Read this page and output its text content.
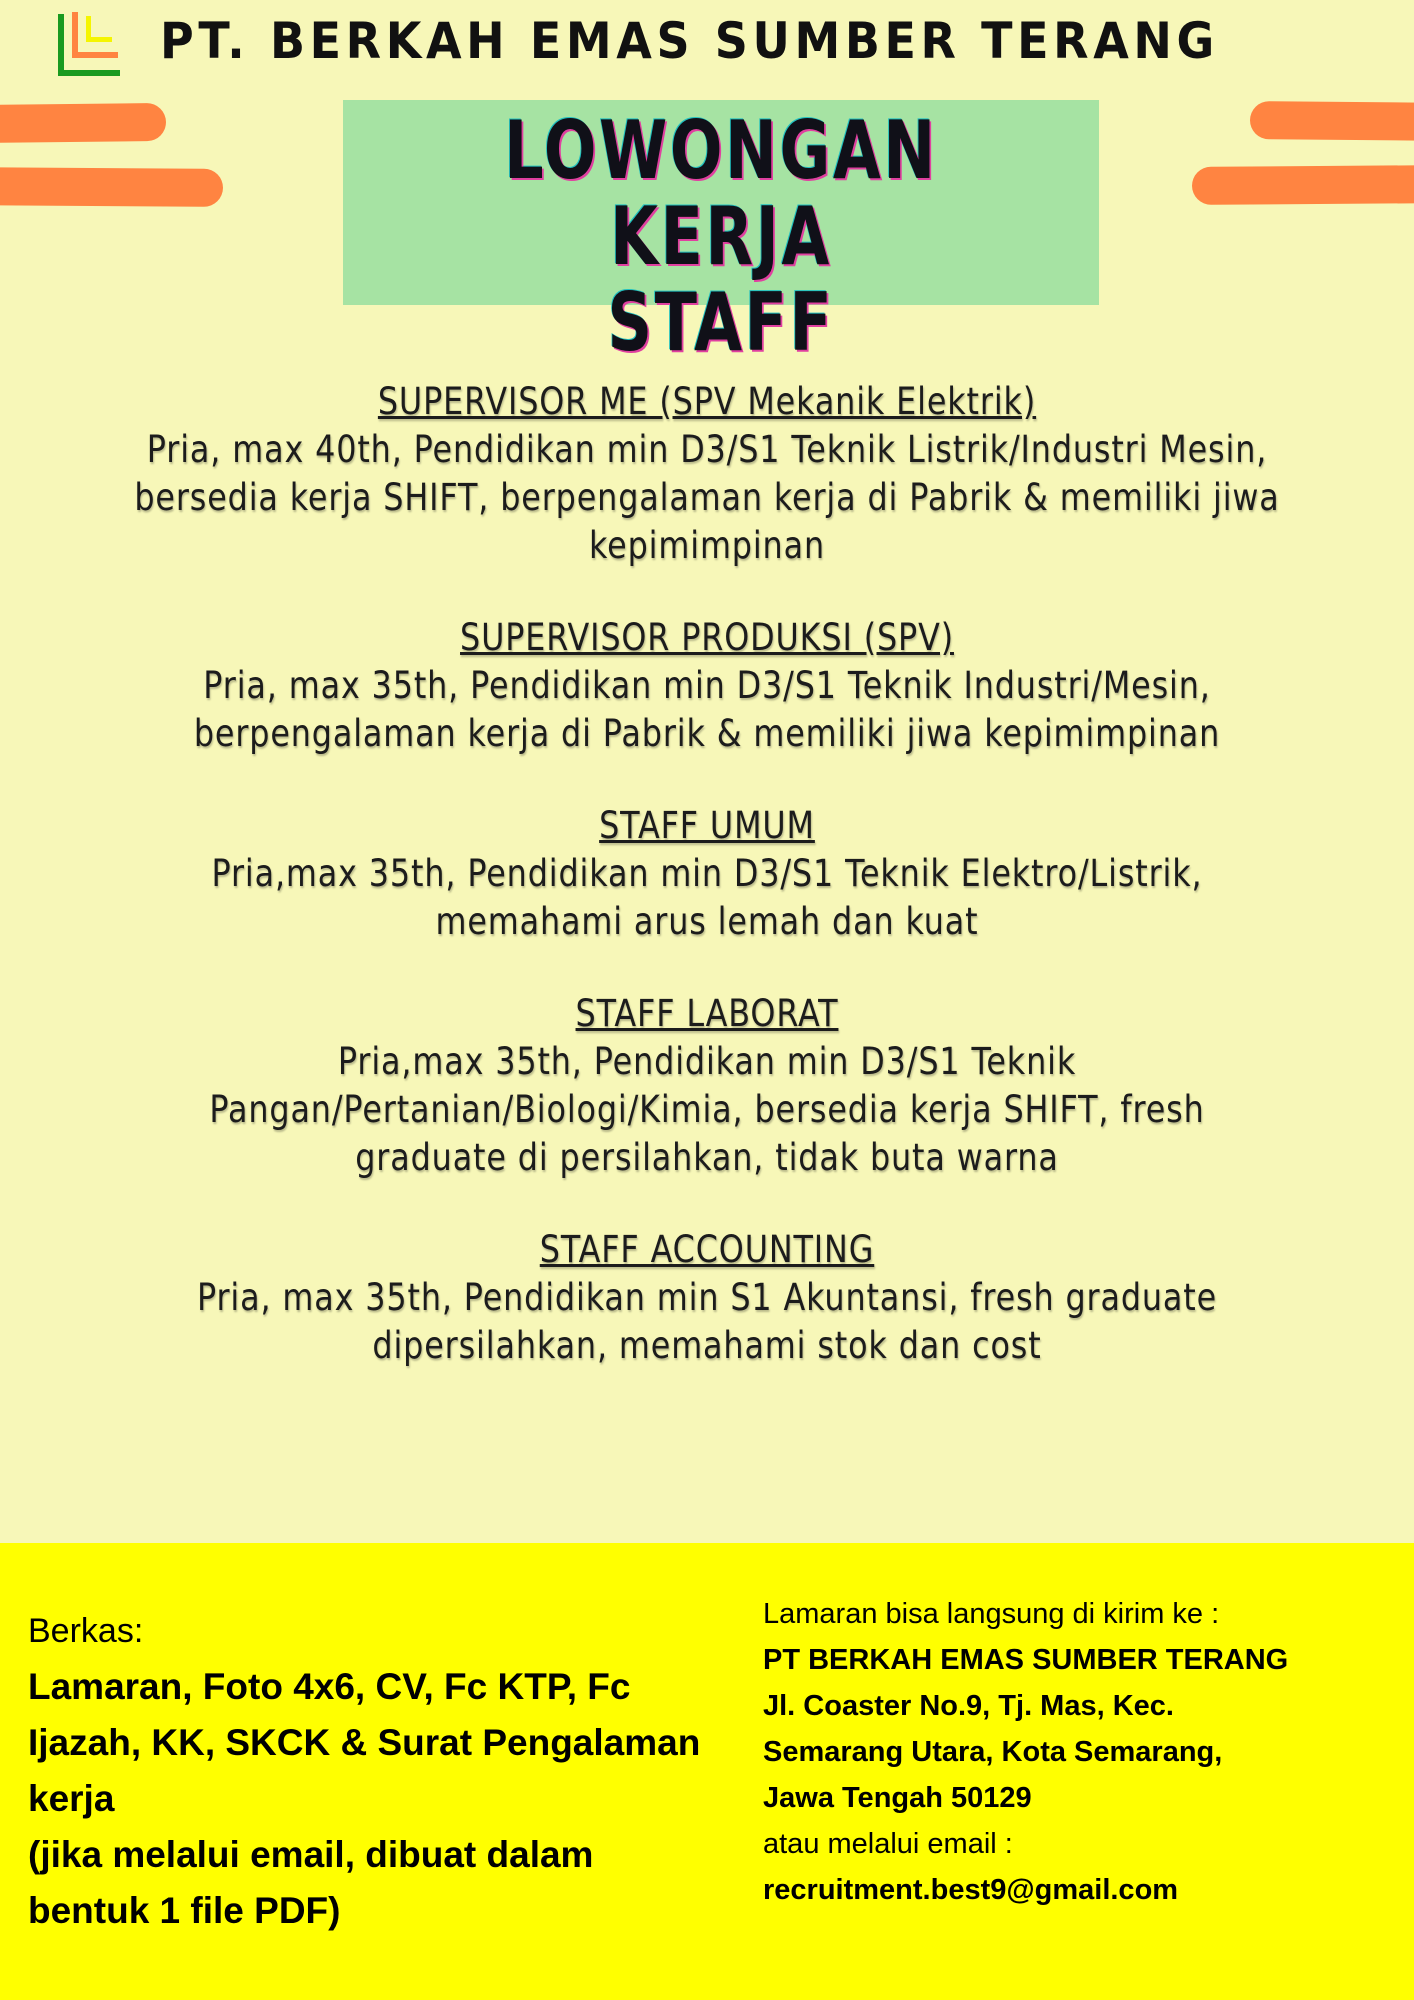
PT. BERKAH EMAS SUMBER TERANG
LOWONGAN KERJA
STAFF
SUPERVISOR ME (SPV Mekanik Elektrik)
Pria, max 40th, Pendidikan min D3/S1 Teknik Listrik/Industri Mesin, bersedia kerja SHIFT, berpengalaman kerja di Pabrik & memiliki jiwa kepimimpinan
SUPERVISOR PRODUKSI (SPV)
Pria, max 35th, Pendidikan min D3/S1 Teknik Industri/Mesin, berpengalaman kerja di Pabrik & memiliki jiwa kepimimpinan
STAFF UMUM
Pria,max 35th, Pendidikan min D3/S1 Teknik Elektro/Listrik, memahami arus lemah dan kuat
STAFF LABORAT
Pria,max 35th, Pendidikan min D3/S1 Teknik Pangan/Pertanian/Biologi/Kimia, bersedia kerja SHIFT, fresh graduate di persilahkan, tidak buta warna
STAFF ACCOUNTING
Pria, max 35th, Pendidikan min S1 Akuntansi, fresh graduate dipersilahkan, memahami stok dan cost
Berkas:
Lamaran, Foto 4x6, CV, Fc KTP, Fc Ijazah, KK, SKCK & Surat Pengalaman kerja
(jika melalui email, dibuat dalam bentuk 1 file PDF)
Lamaran bisa langsung di kirim ke :
PT BERKAH EMAS SUMBER TERANG
Jl. Coaster No.9, Tj. Mas, Kec.
Semarang Utara, Kota Semarang,
Jawa Tengah 50129
atau melalui email :
recruitment.best9@gmail.com
